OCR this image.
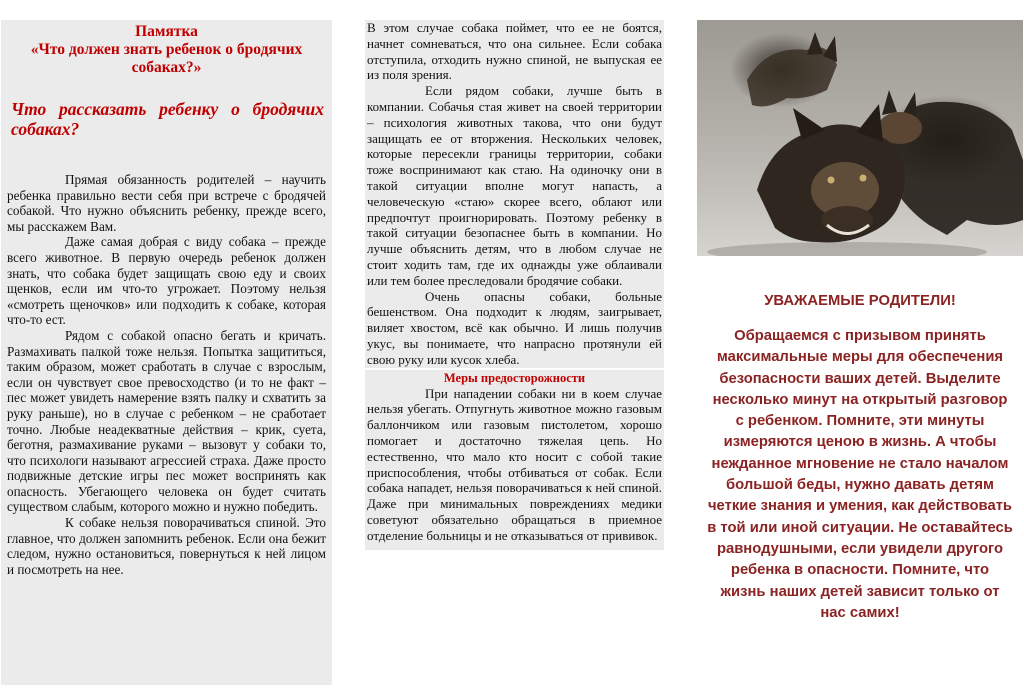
Памятка
«Что должен знать ребенок о бродячих собаках?»
Что рассказать ребенку о бродячих собаках?

Прямая обязанность родителей – научить ребенка правильно вести себя при встрече с бродячей собакой. Что нужно объяснить ребенку, прежде всего, мы расскажем Вам.

Даже самая добрая с виду собака – прежде всего животное. В первую очередь ребенок должен знать, что собака будет защищать свою еду и своих щенков, если им что-то угрожает. Поэтому нельзя «смотреть щеночков» или подходить к собаке, которая что-то ест.

Рядом с собакой опасно бегать и кричать. Размахивать палкой тоже нельзя. Попытка защититься, таким образом, может сработать в случае с взрослым, если он чувствует свое превосходство (и то не факт – пес может увидеть намерение взять палку и схватить за руку раньше), но в случае с ребенком – не сработает точно. Любые неадекватные действия – крик, суета, беготня, размахивание руками – вызовут у собаки то, что психологи называют агрессией страха. Даже просто подвижные детские игры пес может воспринять как опасность. Убегающего человека он будет считать существом слабым, которого можно и нужно победить.

К собаке нельзя поворачиваться спиной. Это главное, что должен запомнить ребенок. Если она бежит следом, нужно остановиться, повернуться к ней лицом и посмотреть на нее.

В этом случае собака поймет, что ее не боятся, начнет сомневаться, что она сильнее. Если собака отступила, отходить нужно спиной, не выпуская ее из поля зрения.

Если рядом собаки, лучше быть в компании. Собачья стая живет на своей территории – психология животных такова, что они будут защищать ее от вторжения. Нескольких человек, которые пересекли границы территории, собаки тоже воспринимают как стаю. На одиночку они в такой ситуации вполне могут напасть, а человеческую «стаю» скорее всего, облают или предпочтут проигнорировать. Поэтому ребенку в такой ситуации безопаснее быть в компании. Но лучше объяснить детям, что в любом случае не стоит ходить там, где их однажды уже облаивали или тем более преследовали бродячие собаки.

Очень опасны собаки, больные бешенством. Она подходит к людям, заигрывает, виляет хвостом, всё как обычно. И лишь получив укус, вы понимаете, что напрасно протянули ей свою руку или кусок хлеба.

Меры предосторожности

При нападении собаки ни в коем случае нельзя убегать. Отпугнуть животное можно газовым баллончиком или газовым пистолетом, хорошо помогает и достаточно тяжелая цепь. Но естественно, что мало кто носит с собой такие приспособления, чтобы отбиваться от собак. Если собака нападет, нельзя поворачиваться к ней спиной. Даже при минимальных повреждениях медики советуют обязательно обращаться в приемное отделение больницы и не отказываться от прививок.

УВАЖАЕМЫЕ РОДИТЕЛИ!
Обращаемся с призывом принять максимальные меры для обеспечения безопасности ваших детей. Выделите несколько минут на открытый разговор с ребенком. Помните, эти минуты измеряются ценою в жизнь. А чтобы нежданное мгновение не стало началом большой беды, нужно давать детям четкие знания и умения, как действовать в той или иной ситуации. Не оставайтесь равнодушными, если увидели другого ребенка в опасности. Помните, что жизнь наших детей зависит только от нас самих!
